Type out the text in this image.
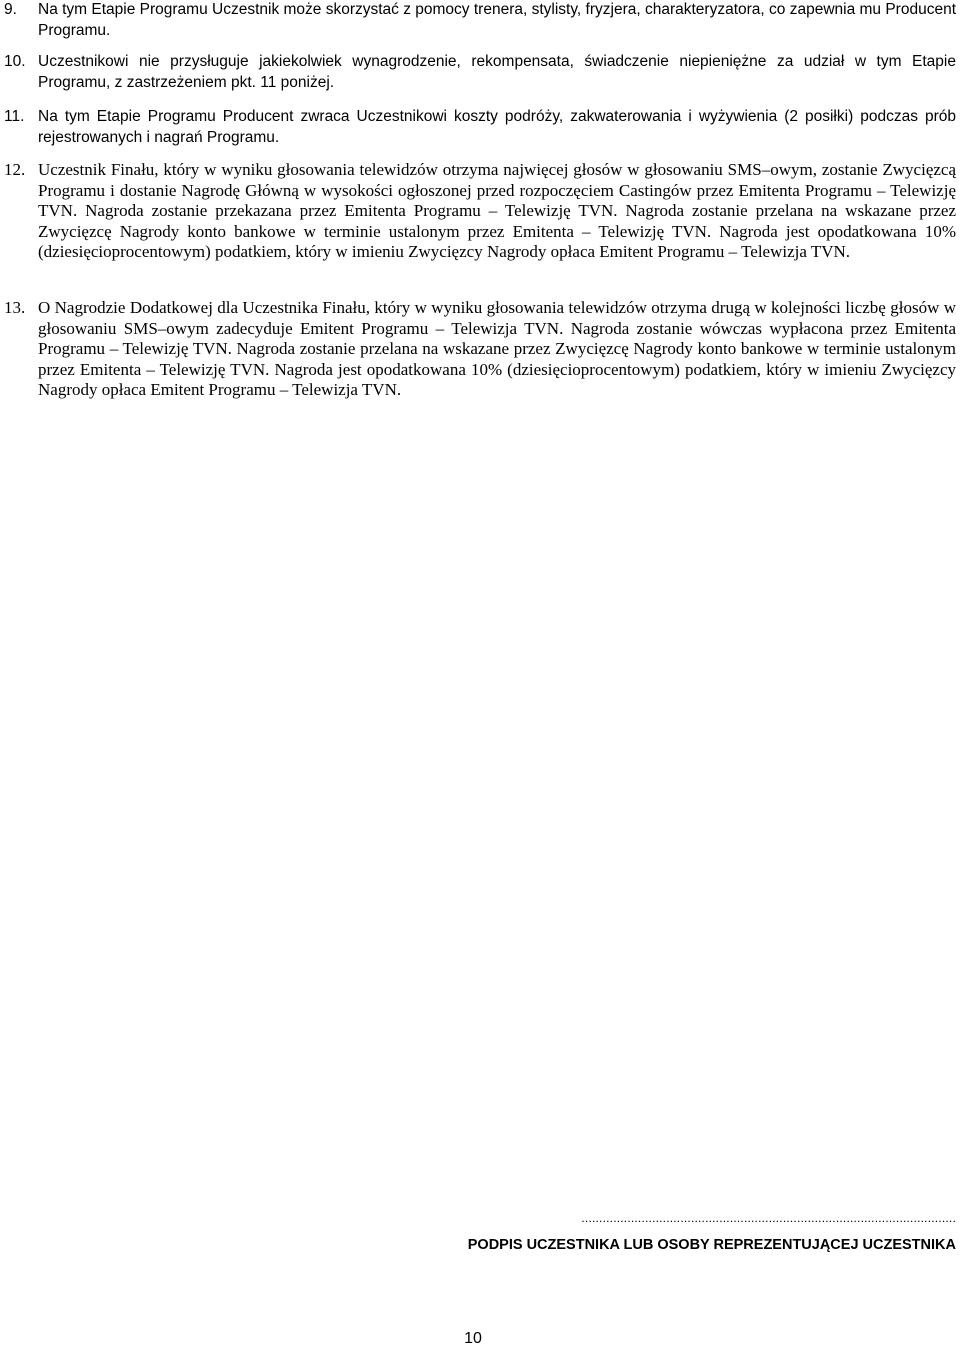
9.	Na tym Etapie Programu Uczestnik może skorzystać z pomocy trenera, stylisty, fryzjera, charakteryzatora, co zapewnia mu Producent Programu.
10. Uczestnikowi nie przysługuje jakiekolwiek wynagrodzenie, rekompensata, świadczenie niepieniężne za udział w tym Etapie Programu, z zastrzeżeniem pkt. 11 poniżej.
11. Na tym Etapie Programu Producent zwraca Uczestnikowi koszty podróży, zakwaterowania i wyżywienia (2 posiłki) podczas prób rejestrowanych i nagrań Programu.
12. Uczestnik Finału, który w wyniku głosowania telewidzów otrzyma najwięcej głosów w głosowaniu SMS–owym, zostanie Zwycięzcą Programu i dostanie Nagrodę Główną w wysokości ogłoszonej przed rozpoczęciem Castingów przez Emitenta Programu – Telewizję TVN. Nagroda zostanie przekazana przez Emitenta Programu – Telewizję TVN. Nagroda zostanie przelana na wskazane przez Zwycięzcę Nagrody konto bankowe w terminie ustalonym przez Emitenta – Telewizję TVN. Nagroda jest opodatkowana 10% (dziesięcioprocentowym) podatkiem, który w imieniu Zwycięzcy Nagrody opłaca Emitent Programu – Telewizja TVN.
13. O Nagrodzie Dodatkowej dla Uczestnika Finału, który w wyniku głosowania telewidzów otrzyma drugą w kolejności liczbę głosów w głosowaniu SMS–owym zadecyduje Emitent Programu – Telewizja TVN. Nagroda zostanie wówczas wypłacona przez Emitenta Programu – Telewizję TVN. Nagroda zostanie przelana na wskazane przez Zwycięzcę Nagrody konto bankowe w terminie ustalonym przez Emitenta – Telewizję TVN. Nagroda jest opodatkowana 10% (dziesięcioprocentowym) podatkiem, który w imieniu Zwycięzcy Nagrody opłaca Emitent Programu – Telewizja TVN.
..........................................................................................................
PODPIS UCZESTNIKA LUB OSOBY REPREZENTUJĄCEJ UCZESTNIKA
10
